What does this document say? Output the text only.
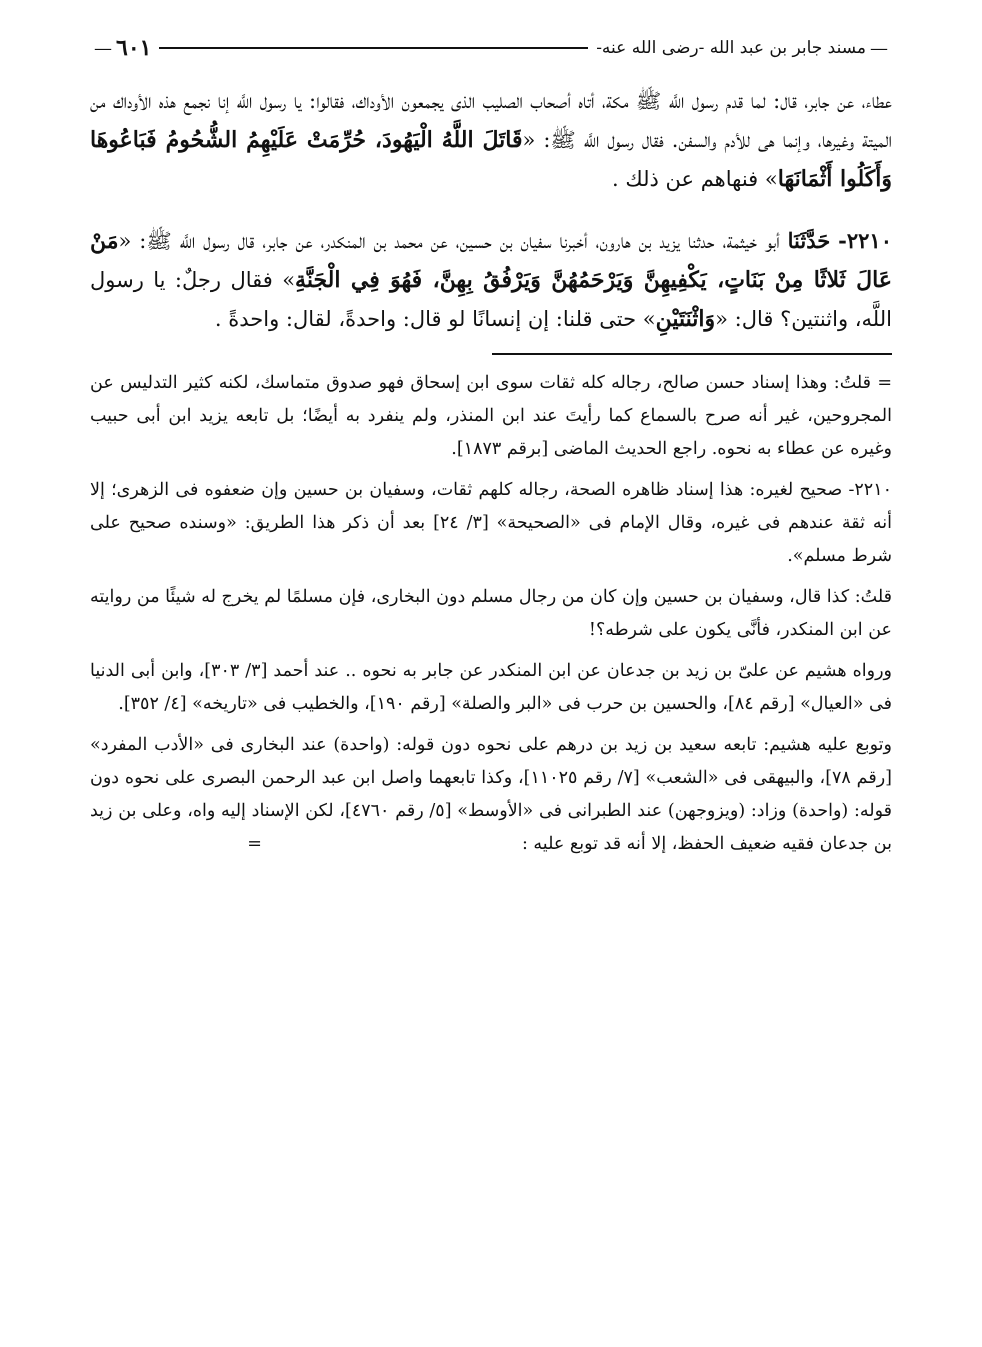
—
مسند جابر بن عبد الله -رضى الله عنه-
٦٠١
—

عطاء، عن جابر، قال: لما قدم رسول اللَّه ﷺ مكة، أتاه أصحاب الصليب الذى يجمعون الأوداك، فقالوا: يا رسول اللَّه إنا نجمع هذه الأوداك من الميتة وغيرها، وإنما هى للأدم والسفن. فقال رسول اللَّه ﷺ: «قَاتَلَ اللَّهُ الْيَهُودَ، حُرِّمَتْ عَلَيْهِمُ الشُّحُومُ فَبَاعُوهَا وَأَكَلُوا أَثْمَانَهَا» فنهاهم عن ذلك .

٢٢١٠- حَدَّثَنَا أبو خيثمة، حدثنا يزيد بن هارون، أخبرنا سفيان بن حسين، عن محمد بن المنكدر، عن جابر، قال رسول اللَّه ﷺ: «مَنْ عَالَ ثَلاثًا مِنْ بَنَاتٍ، يَكْفِيهِنَّ وَيَرْحَمُهُنَّ وَيَرْفُقُ بِهِنَّ، فَهُوَ فِي الْجَنَّةِ» فقال رجلٌ: يا رسول اللَّه، واثنتين؟ قال: «وَاثْنَتَيْنِ» حتى قلنا: إن إنسانًا لو قال: واحدةً، لقال: واحدةً .

= قلتُ: وهذا إسناد حسن صالح، رجاله كله ثقات سوى ابن إسحاق فهو صدوق متماسك، لكنه كثير التدليس عن المجروحين، غير أنه صرح بالسماع كما رأيتَ عند ابن المنذر، ولم ينفرد به أيضًا؛ بل تابعه يزيد ابن أبى حبيب وغيره عن عطاء به نحوه. راجع الحديث الماضى [برقم ١٨٧٣].

٢٢١٠- صحيح لغيره: هذا إسناد ظاهره الصحة، رجاله كلهم ثقات، وسفيان بن حسين وإن ضعفوه فى الزهرى؛ إلا أنه ثقة عندهم فى غيره، وقال الإمام فى «الصحيحة» [٣/ ٢٤] بعد أن ذكر هذا الطريق: «وسنده صحيح على شرط مسلم».

قلتُ: كذا قال، وسفيان بن حسين وإن كان من رجال مسلم دون البخارى، فإن مسلمًا لم يخرج له شيئًا من روايته عن ابن المنكدر، فأنَّى يكون على شرطه؟!

ورواه هشيم عن علىّ بن زيد بن جدعان عن ابن المنكدر عن جابر به نحوه .. عند أحمد [٣/ ٣٠٣]، وابن أبى الدنيا فى «العيال» [رقم ٨٤]، والحسين بن حرب فى «البر والصلة» [رقم ١٩٠]، والخطيب فى «تاريخه» [٤/ ٣٥٢].

وتوبع عليه هشيم: تابعه سعيد بن زيد بن درهم على نحوه دون قوله: (واحدة) عند البخارى فى «الأدب المفرد» [رقم ٧٨]، والبيهقى فى «الشعب» [٧/ رقم ١١٠٢٥]، وكذا تابعهما واصل ابن عبد الرحمن البصرى على نحوه دون قوله: (واحدة) وزاد: (ويزوجهن) عند الطبرانى فى «الأوسط» [٥/ رقم ٤٧٦٠]، لكن الإسناد إليه واه، وعلى بن زيد بن جدعان فقيه ضعيف الحفظ، إلا أنه قد توبع عليه :=
